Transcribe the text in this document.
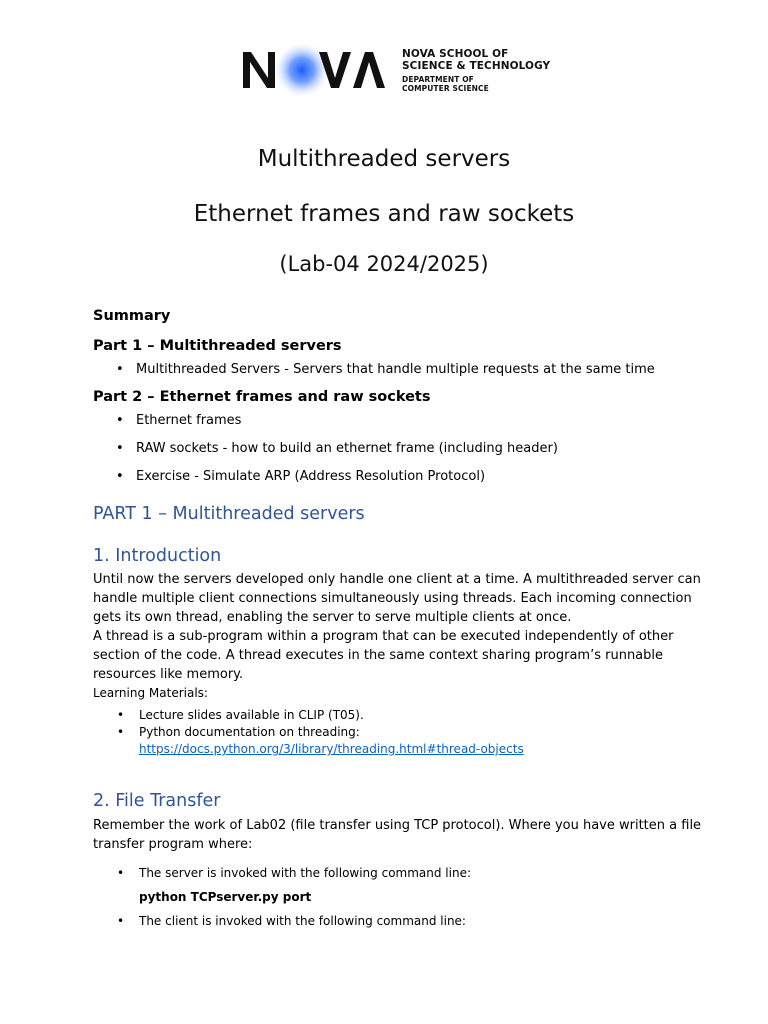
NOVA SCHOOL OF
SCIENCE & TECHNOLOGY
DEPARTMENT OF
COMPUTER SCIENCE
Multithreaded servers
Ethernet frames and raw sockets
(Lab-04 2024/2025)
Summary
Part 1 – Multithreaded servers
• Multithreaded Servers - Servers that handle multiple requests at the same time
Part 2 – Ethernet frames and raw sockets
• Ethernet frames
• RAW sockets - how to build an ethernet frame (including header)
• Exercise - Simulate ARP (Address Resolution Protocol)
PART 1 – Multithreaded servers
1. Introduction
Until now the servers developed only handle one client at a time. A multithreaded server can handle multiple client connections simultaneously using threads. Each incoming connection gets its own thread, enabling the server to serve multiple clients at once.
A thread is a sub-program within a program that can be executed independently of other section of the code. A thread executes in the same context sharing program’s runnable resources like memory.
Learning Materials:
• Lecture slides available in CLIP (T05).
• Python documentation on threading:
https://docs.python.org/3/library/threading.html#thread-objects
2. File Transfer
Remember the work of Lab02 (file transfer using TCP protocol). Where you have written a file transfer program where:
• The server is invoked with the following command line:
python TCPserver.py port
• The client is invoked with the following command line:
